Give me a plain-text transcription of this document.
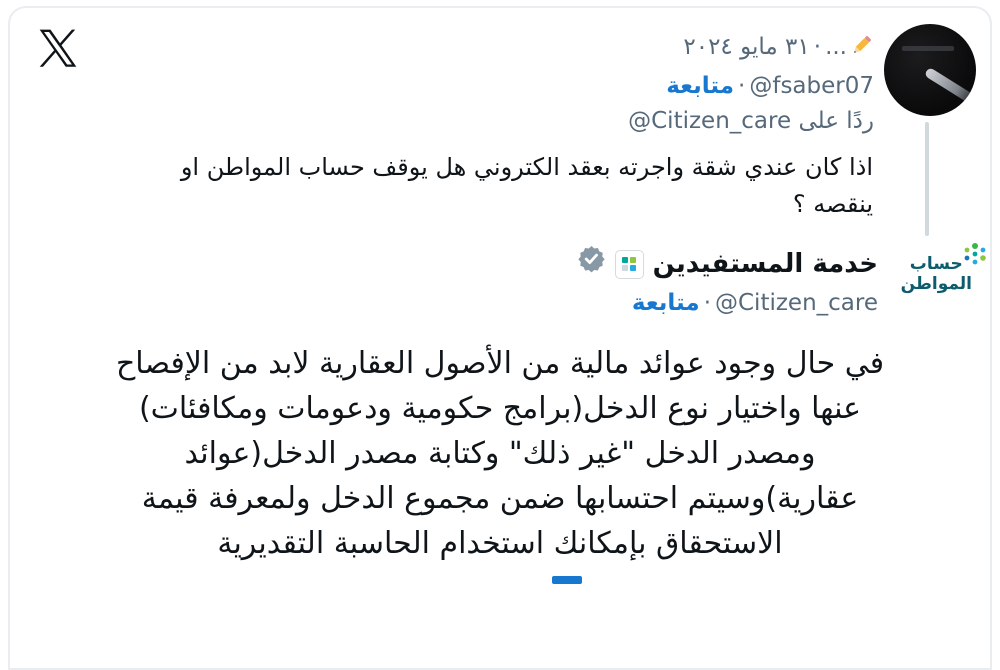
...·٣١ مايو ٢٠٢٤
@fsaber07·متابعة
ردًا على @Citizen_care
اذا كان عندي شقة واجرته بعقد الكتروني هل يوقف حساب المواطن او
ينقصه ؟
حساب
المواطن
خدمة المستفيدين
@Citizen_care·متابعة
في حال وجود عوائد مالية من الأصول العقارية لابد من الإفصاح
عنها واختيار نوع الدخل(برامج حكومية ودعومات ومكافئات)
ومصدر الدخل "غير ذلك" وكتابة مصدر الدخل(عوائد
عقارية)وسيتم احتسابها ضمن مجموع الدخل ولمعرفة قيمة
الاستحقاق بإمكانك استخدام الحاسبة التقديرية
